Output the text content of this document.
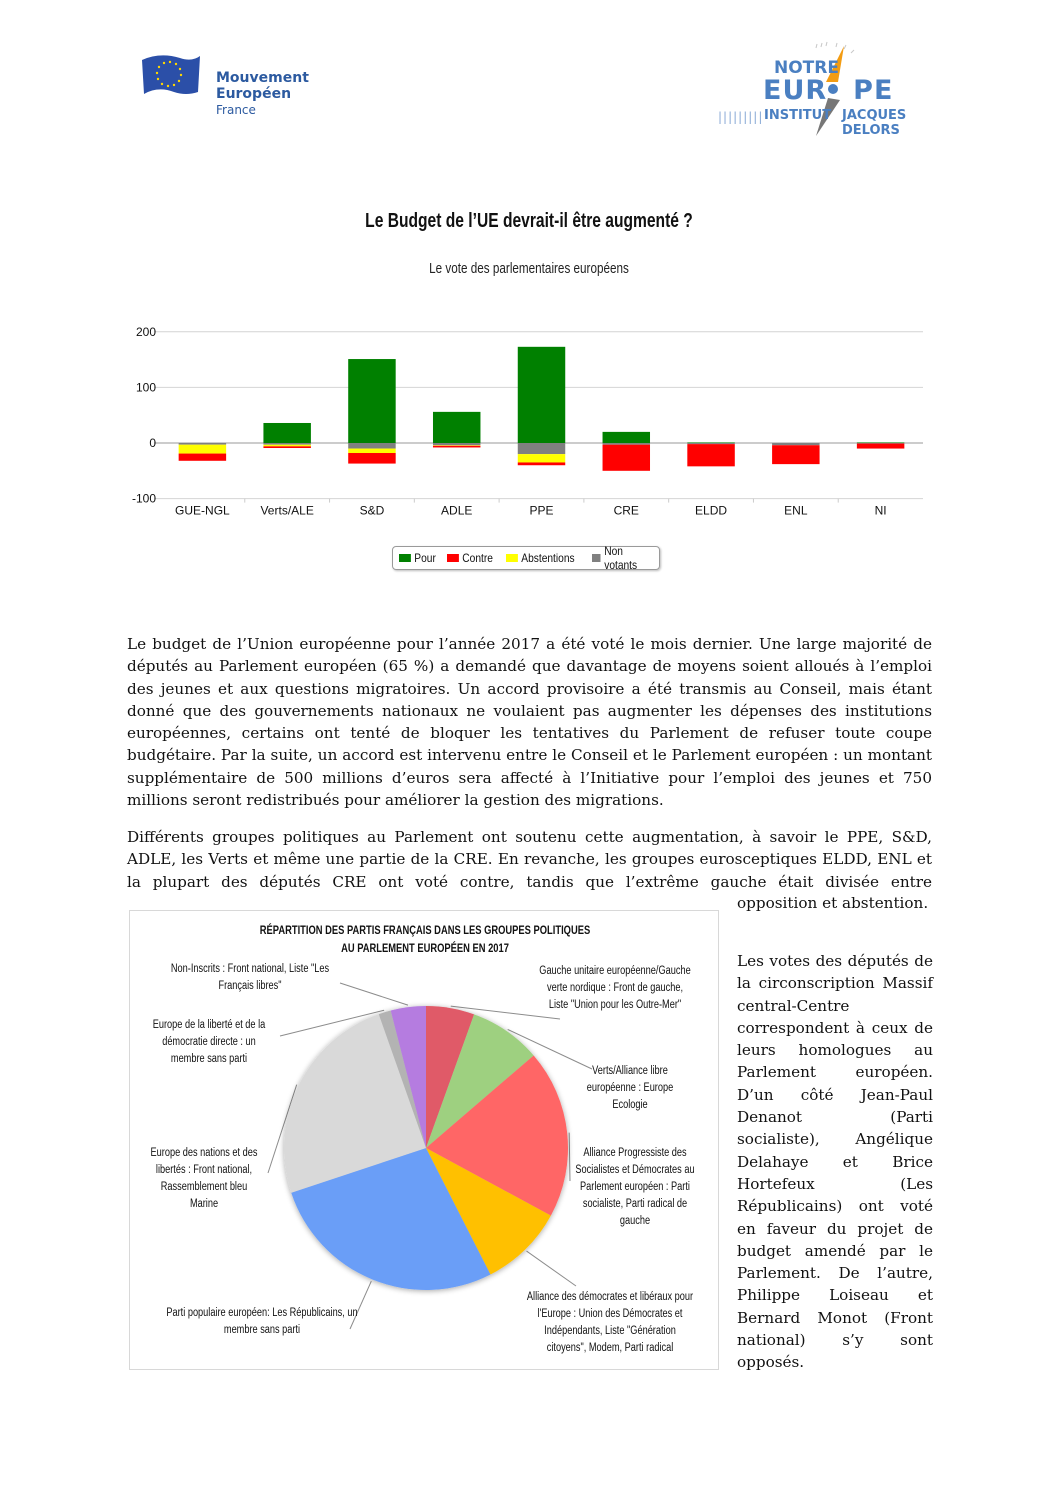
Mouvement
Européen
France
NOTRE
EUR PE
||||||||| INSTITUT JACQUES DELORS
Le Budget de l’UE devrait-il être augmenté ?
Le vote des parlementaires européens
200
100
0
-100
GUE-NGL	Verts/ALE	S&D	ADLE	PPE	CRE	ELDD	ENL	NI
Pour Contre Abstentions Non votants

Le budget de l’Union européenne pour l’année 2017 a été voté le mois dernier. Une large majorité de députés au Parlement européen (65 %) a demandé que davantage de moyens soient alloués à l’emploi des jeunes et aux questions migratoires. Un accord provisoire a été transmis au Conseil, mais étant donné que des gouvernements nationaux ne voulaient pas augmenter les dépenses des institutions européennes, certains ont tenté de bloquer les tentatives du Parlement de refuser toute coupe budgétaire. Par la suite, un accord est intervenu entre le Conseil et le Parlement européen : un montant supplémentaire de 500 millions d’euros sera affecté à l’Initiative pour l’emploi des jeunes et 750 millions seront redistribués pour améliorer la gestion des migrations.

Différents groupes politiques au Parlement ont soutenu cette augmentation, à savoir le PPE, S&D, ADLE, les Verts et même une partie de la CRE. En revanche, les groupes eurosceptiques ELDD, ENL et la plupart des députés CRE ont voté contre, tandis que l’extrême gauche était divisée entre

opposition et abstention.

Les votes des députés de la circonscription Massif central-Centre correspondent à ceux de leurs homologues au Parlement européen. D’un côté Jean-Paul Denanot (Parti socialiste), Angélique Delahaye et Brice Hortefeux (Les Républicains) ont voté en faveur du projet de budget amendé par le Parlement. De l’autre, Philippe Loiseau et Bernard Monot (Front national) s’y sont opposés.

RÉPARTITION DES PARTIS FRANÇAIS DANS LES GROUPES POLITIQUES
AU PARLEMENT EUROPÉEN EN 2017
Non-Inscrits : Front national, Liste "Les Français libres"
Gauche unitaire européenne/Gauche verte nordique : Front de gauche, Liste "Union pour les Outre-Mer"
Europe de la liberté et de la démocratie directe : un membre sans parti
Verts/Alliance libre européenne : Europe Ecologie
Alliance Progressiste des Socialistes et Démocrates au Parlement européen : Parti socialiste, Parti radical de gauche
Europe des nations et des libertés : Front national, Rassemblement bleu Marine
Parti populaire européen: Les Républicains, un membre sans parti
Alliance des démocrates et libéraux pour l'Europe : Union des Démocrates et Indépendants, Liste "Génération citoyens", Modem, Parti radical
